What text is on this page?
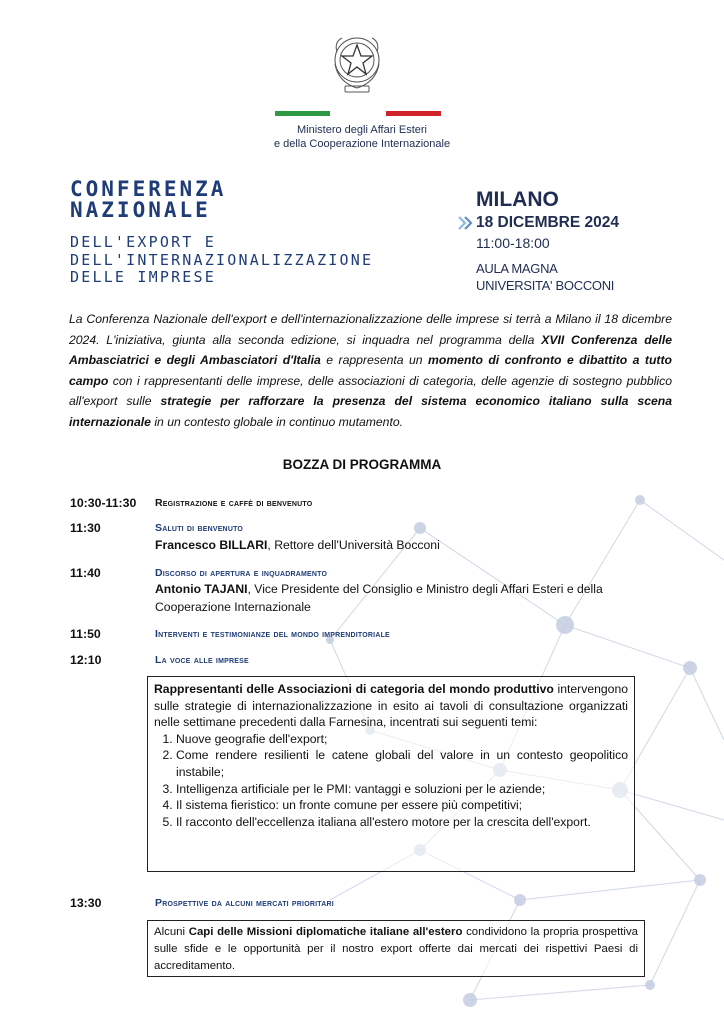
Ministero degli Affari Esteri
e della Cooperazione Internazionale
CONFERENZA
NAZIONALE
DELL'EXPORT E
DELL'INTERNAZIONALIZZAZIONE
DELLE IMPRESE
MILANO
18 DICEMBRE 2024
11:00-18:00
AULA MAGNA
UNIVERSITA' BOCCONI
La Conferenza Nazionale dell'export e dell'internazionalizzazione delle imprese si terrà a Milano il 18 dicembre 2024. L'iniziativa, giunta alla seconda edizione, si inquadra nel programma della XVII Conferenza delle Ambasciatrici e degli Ambasciatori d'Italia e rappresenta un momento di confronto e dibattito a tutto campo con i rappresentanti delle imprese, delle associazioni di categoria, delle agenzie di sostegno pubblico all'export sulle strategie per rafforzare la presenza del sistema economico italiano sulla scena internazionale in un contesto globale in continuo mutamento.
BOZZA DI PROGRAMMA
10:30-11:30 Registrazione e caffè di benvenuto
11:30	Saluti di benvenuto
Francesco BILLARI, Rettore dell'Università Bocconi
11:40	Discorso di apertura e inquadramento
Antonio TAJANI, Vice Presidente del Consiglio e Ministro degli Affari Esteri e della Cooperazione Internazionale
11:50	Interventi e testimonianze del mondo imprenditoriale
12:10	La voce alle imprese
Rappresentanti delle Associazioni di categoria del mondo produttivo intervengono sulle strategie di internazionalizzazione in esito ai tavoli di consultazione organizzati nelle settimane precedenti dalla Farnesina, incentrati sui seguenti temi:
1. Nuove geografie dell'export;
2. Come rendere resilienti le catene globali del valore in un contesto geopolitico instabile;
3. Intelligenza artificiale per le PMI: vantaggi e soluzioni per le aziende;
4. Il sistema fieristico: un fronte comune per essere più competitivi;
5. Il racconto dell'eccellenza italiana all'estero motore per la crescita dell'export.
13:30	Prospettive da alcuni mercati prioritari
Alcuni Capi delle Missioni diplomatiche italiane all'estero condividono la propria prospettiva sulle sfide e le opportunità per il nostro export offerte dai mercati dei rispettivi Paesi di accreditamento.
